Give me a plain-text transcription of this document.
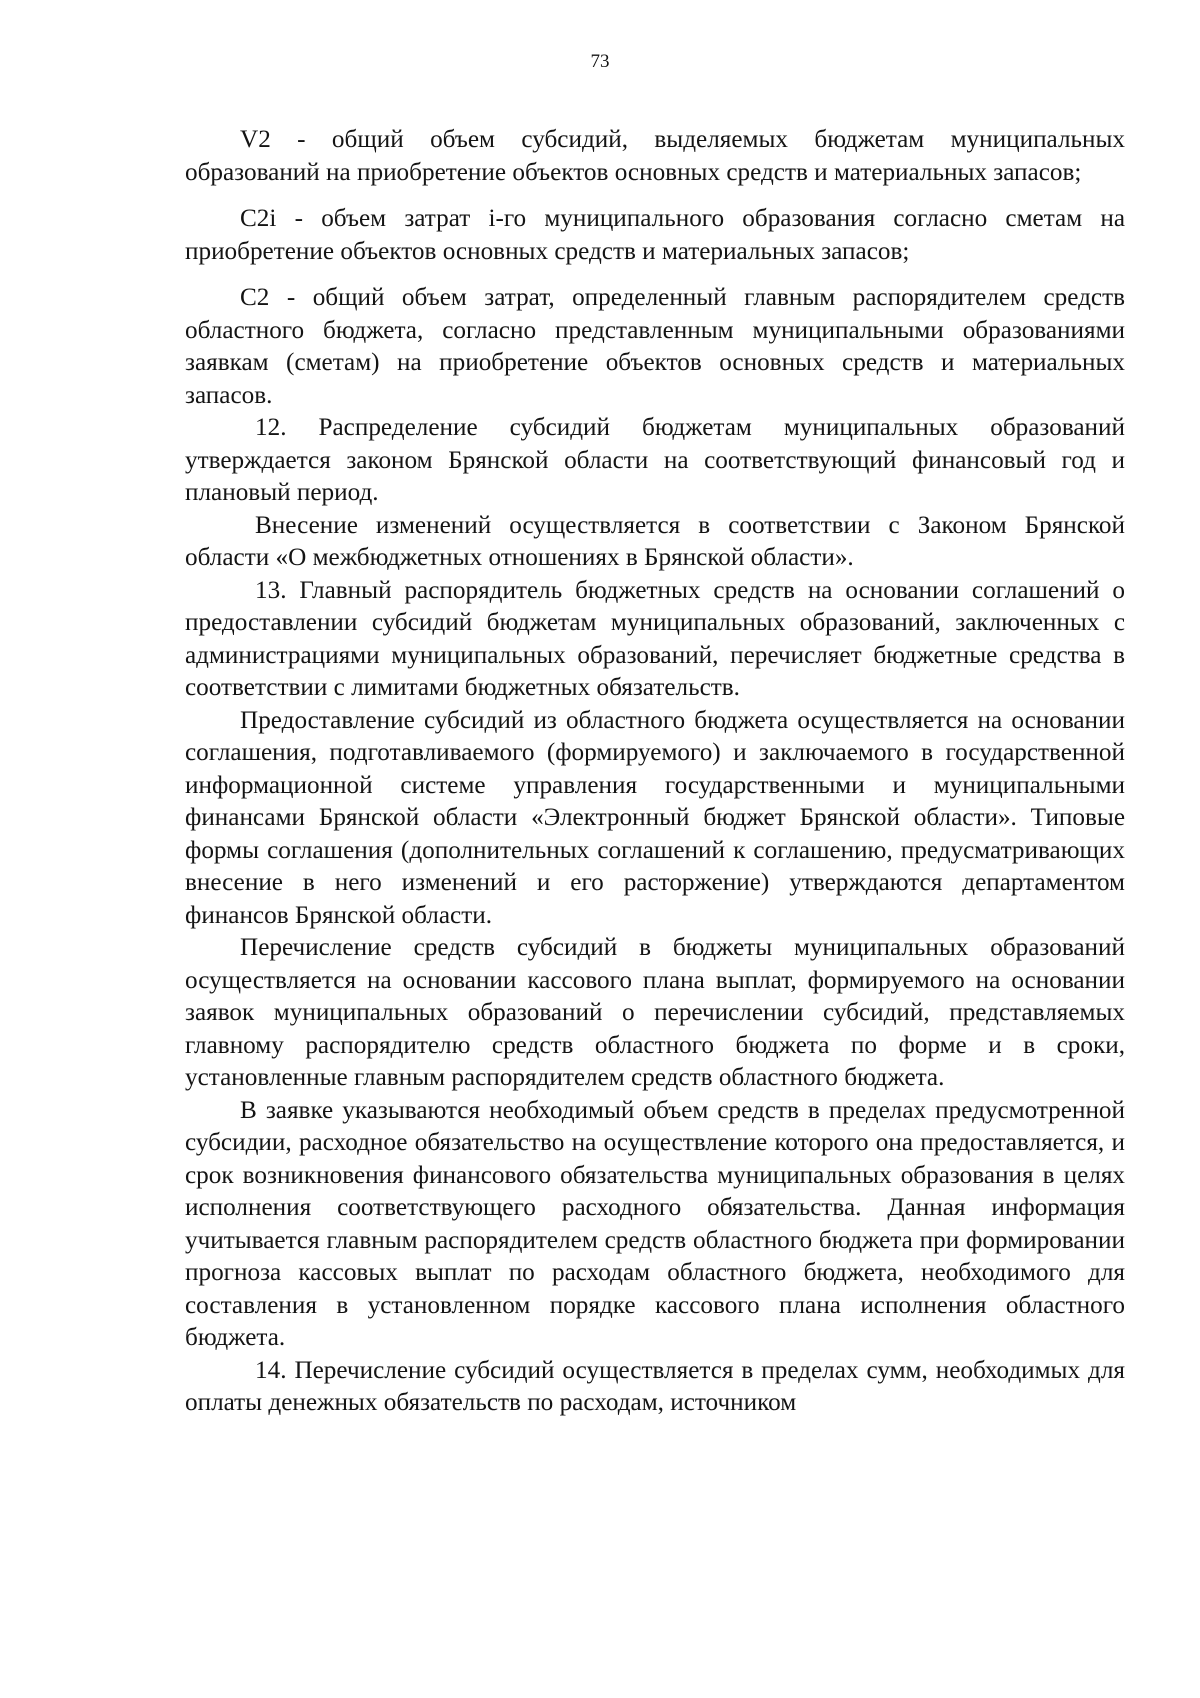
73

V2 - общий объем субсидий, выделяемых бюджетам муниципальных образований на приобретение объектов основных средств и материальных запасов;

C2i - объем затрат i-го муниципального образования согласно сметам на приобретение объектов основных средств и материальных запасов;

С2 - общий объем затрат, определенный главным распорядителем средств областного бюджета, согласно представленным муниципальными образованиями заявкам (сметам) на приобретение объектов основных средств и материальных запасов.

12. Распределение субсидий бюджетам муниципальных образований утверждается законом Брянской области на соответствующий финансовый год и плановый период.

Внесение изменений осуществляется в соответствии с Законом Брянской области «О межбюджетных отношениях в Брянской области».

13. Главный распорядитель бюджетных средств на основании соглашений о предоставлении субсидий бюджетам муниципальных образований, заключенных с администрациями муниципальных образований, перечисляет бюджетные средства в соответствии с лимитами бюджетных обязательств.

Предоставление субсидий из областного бюджета осуществляется на основании соглашения, подготавливаемого (формируемого) и заключаемого в государственной информационной системе управления государственными и муниципальными финансами Брянской области «Электронный бюджет Брянской области». Типовые формы соглашения (дополнительных соглашений к соглашению, предусматривающих внесение в него изменений и его расторжение) утверждаются департаментом финансов Брянской области.

Перечисление средств субсидий в бюджеты муниципальных образований осуществляется на основании кассового плана выплат, формируемого на основании заявок муниципальных образований о перечислении субсидий, представляемых главному распорядителю средств областного бюджета по форме и в сроки, установленные главным распорядителем средств областного бюджета.

В заявке указываются необходимый объем средств в пределах предусмотренной субсидии, расходное обязательство на осуществление которого она предоставляется, и срок возникновения финансового обязательства муниципальных образования в целях исполнения соответствующего расходного обязательства. Данная информация учитывается главным распорядителем средств областного бюджета при формировании прогноза кассовых выплат по расходам областного бюджета, необходимого для составления в установленном порядке кассового плана исполнения областного бюджета.

14. Перечисление субсидий осуществляется в пределах сумм, необходимых для оплаты денежных обязательств по расходам, источником
